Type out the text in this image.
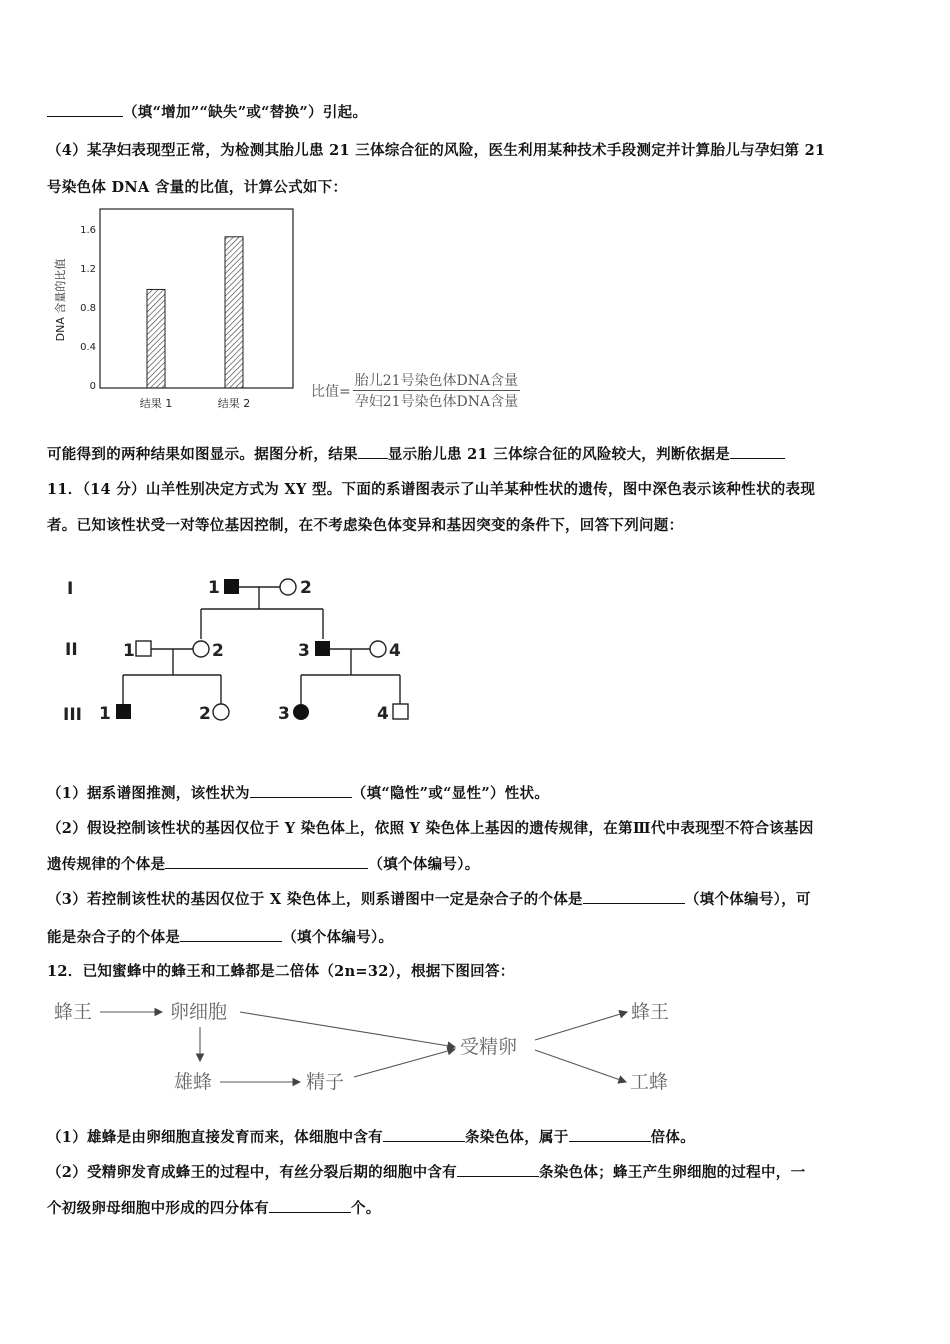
（填“增加”“缺失”或“替换”）引起。
（4）某孕妇表现型正常，为检测其胎儿患 21 三体综合征的风险，医生利用某种技术手段测定并计算胎儿与孕妇第 21
号染色体 DNA 含量的比值，计算公式如下：
DNA 含量的比值
1.6
1.2
0.8
0.4
0
结果 1	结果 2
比值=	胎儿21号染色体DNA含量
孕妇21号染色体DNA含量
可能得到的两种结果如图显示。据图分析，结果 显示胎儿患 21 三体综合征的风险较大，判断依据是
11．（14 分）山羊性别决定方式为 XY 型。下面的系谱图表示了山羊某种性状的遗传，图中深色表示该种性状的表现
者。已知该性状受一对等位基因控制，在不考虑染色体变异和基因突变的条件下，回答下列问题：
I
II
III
1	2
1	2	3	4
1	2	3	4
（1）据系谱图推测，该性状为	（填“隐性”或“显性”）性状。
（2）假设控制该性状的基因仅位于 Y 染色体上，依照 Y 染色体上基因的遗传规律，在第Ⅲ代中表现型不符合该基因
遗传规律的个体是	（填个体编号）。
（3）若控制该性状的基因仅位于 X 染色体上，则系谱图中一定是杂合子的个体是	（填个体编号），可
能是杂合子的个体是	（填个体编号）。
12．已知蜜蜂中的蜂王和工蜂都是二倍体（2n=32），根据下图回答：
蜂王	卵细胞
雄蜂	精子
受精卵
蜂王
工蜂
（1）雄蜂是由卵细胞直接发育而来，体细胞中含有	条染色体，属于	倍体。
（2）受精卵发育成蜂王的过程中，有丝分裂后期的细胞中含有	条染色体；蜂王产生卵细胞的过程中，一
个初级卵母细胞中形成的四分体有	个。
